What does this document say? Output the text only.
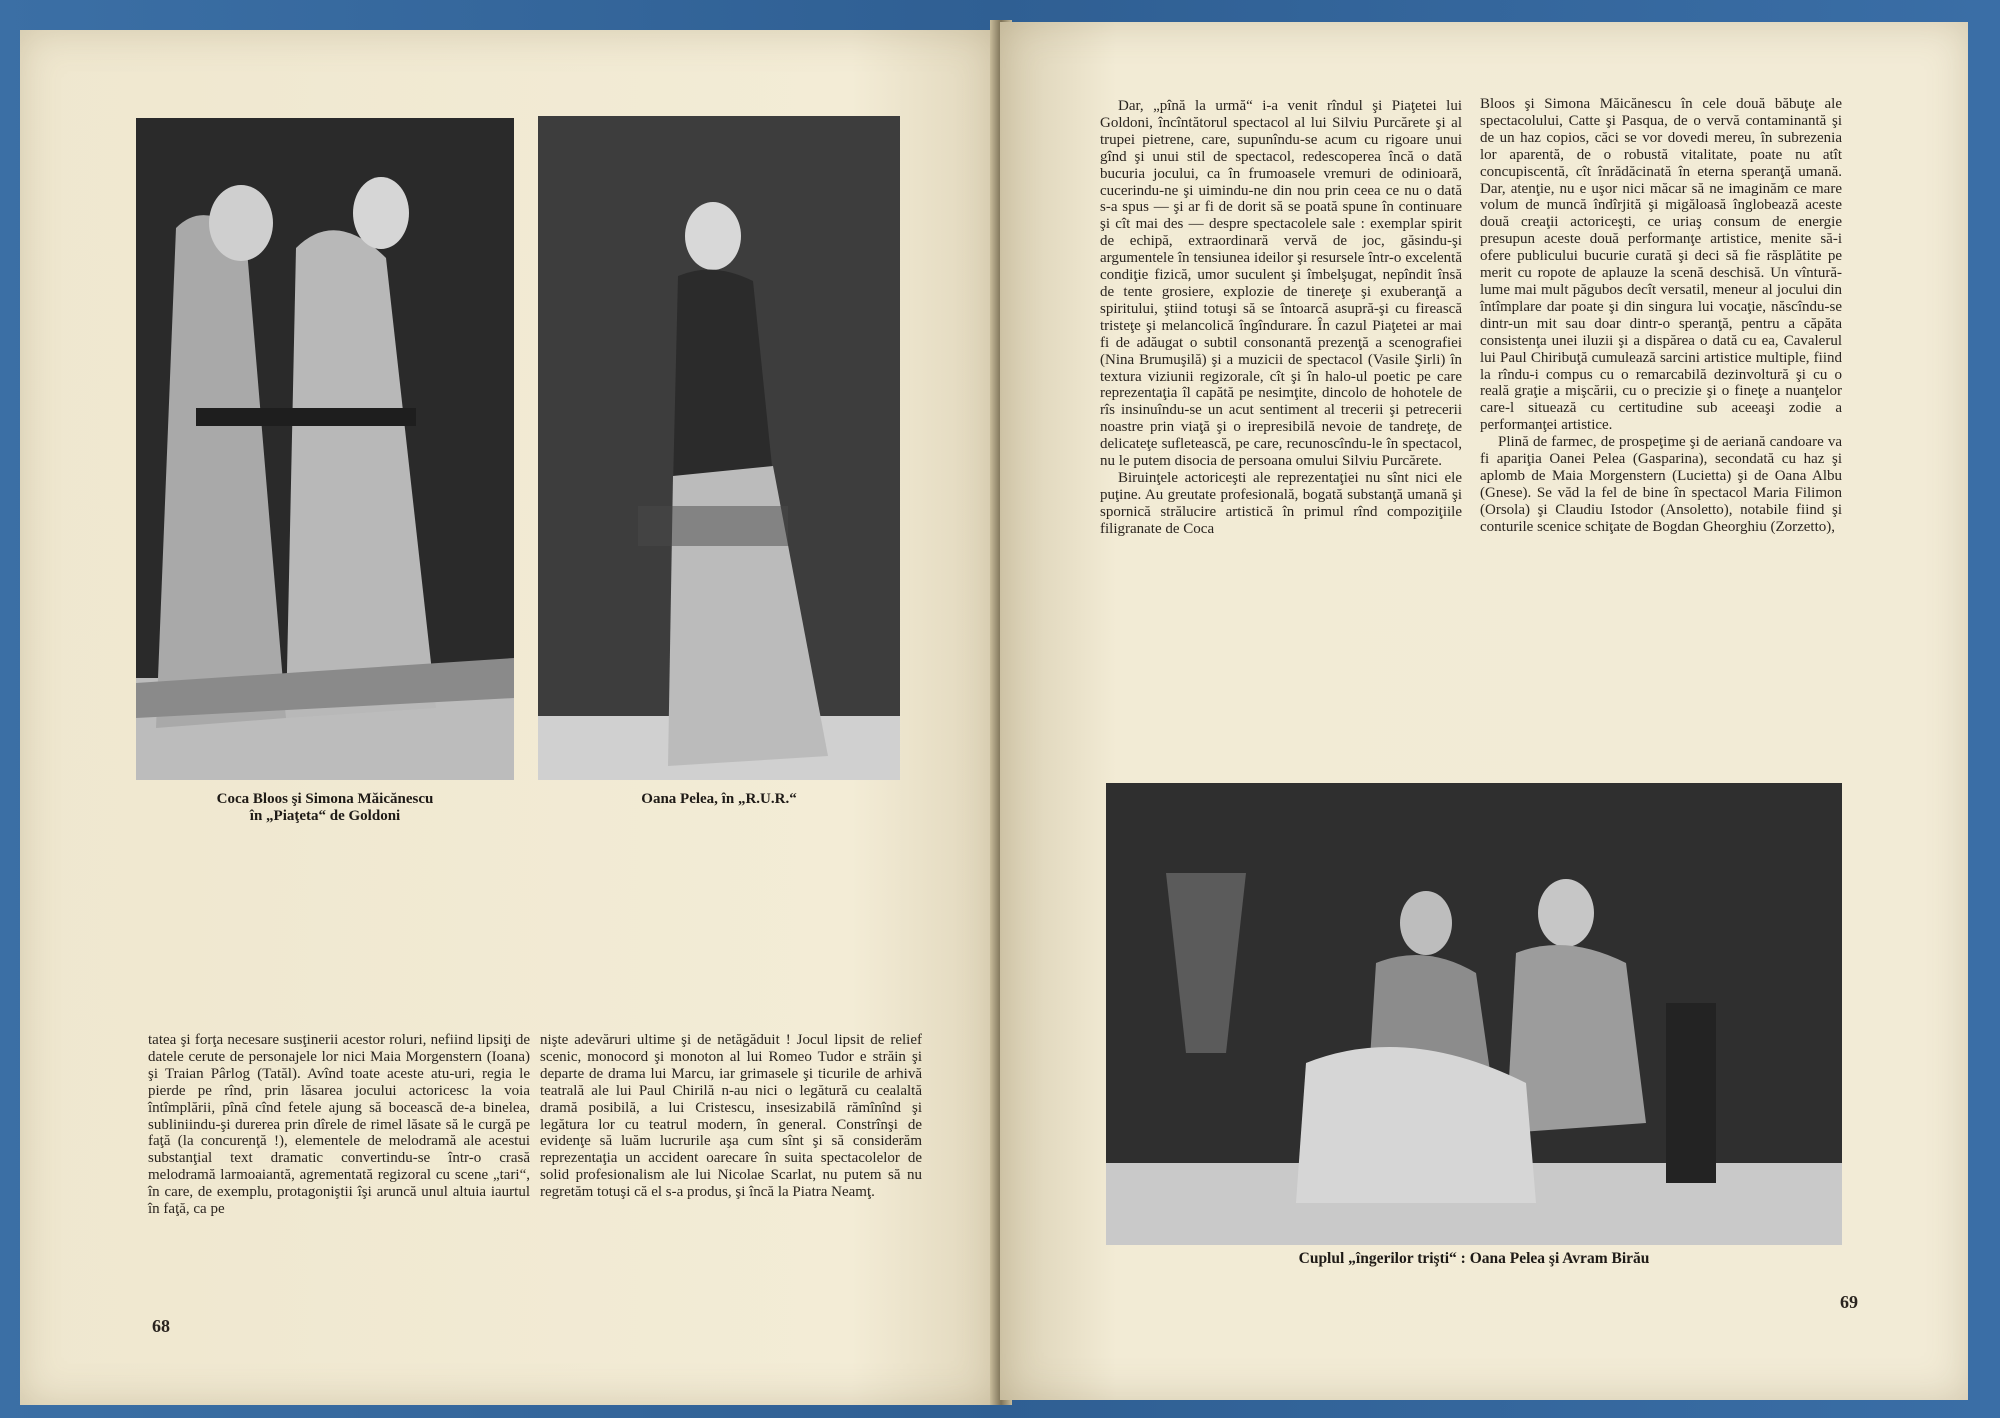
Coca Bloos şi Simona Măicănescu
în „Piaţeta“ de Goldoni
Oana Pelea, în „R.U.R.“

tatea şi forţa necesare susţinerii acestor roluri, nefiind lipsiţi de datele cerute de personajele lor nici Maia Morgenstern (Ioana) şi Traian Pârlog (Tatăl). Avînd toate aceste atu-uri, regia le pierde pe rînd, prin lăsarea jocului actoricesc la voia întîmplării, pînă cînd fetele ajung să bocească de-a binelea, subliniindu-şi durerea prin dîrele de rimel lăsate să le curgă pe faţă (la concurenţă !), elementele de melodramă ale acestui substanţial text dramatic convertindu-se într-o crasă melodramă larmoaiantă, agrementată regizoral cu scene „tari“, în care, de exemplu, protagoniştii îşi aruncă unul altuia iaurtul în faţă, ca pe

nişte adevăruri ultime şi de netăgăduit ! Jocul lipsit de relief scenic, monocord şi monoton al lui Romeo Tudor e străin şi departe de drama lui Marcu, iar grimasele şi ticurile de arhivă teatrală ale lui Paul Chirilă n-au nici o legătură cu cealaltă dramă posibilă, a lui Cristescu, insesizabilă rămînînd şi legătura lor cu teatrul modern, în general. Constrînşi de evidenţe să luăm lucrurile aşa cum sînt şi să considerăm reprezentaţia un accident oarecare în suita spectacolelor de solid profesionalism ale lui Nicolae Scarlat, nu putem să nu regretăm totuşi că el s-a produs, şi încă la Piatra Neamţ.

68

Dar, „pînă la urmă“ i-a venit rîndul şi Piaţetei lui Goldoni, încîntătorul spectacol al lui Silviu Purcărete şi al trupei pietrene, care, supunîndu-se acum cu rigoare unui gînd şi unui stil de spectacol, redescoperea încă o dată bucuria jocului, ca în frumoasele vremuri de odinioară, cucerindu-ne şi uimindu-ne din nou prin ceea ce nu o dată s-a spus — şi ar fi de dorit să se poată spune în continuare şi cît mai des — despre spectacolele sale : exemplar spirit de echipă, extraordinară vervă de joc, găsindu-şi argumentele în tensiunea ideilor şi resursele într-o excelentă condiţie fizică, umor suculent şi îmbelşugat, nepîndit însă de tente grosiere, explozie de tinereţe şi exuberanţă a spiritului, ştiind totuşi să se întoarcă asupră-şi cu firească tristeţe şi melancolică îngîndurare. În cazul Piaţetei ar mai fi de adăugat o subtil consonantă prezenţă a scenografiei (Nina Brumuşilă) şi a muzicii de spectacol (Vasile Şirli) în textura viziunii regizorale, cît şi în halo-ul poetic pe care reprezentaţia îl capătă pe nesimţite, dincolo de hohotele de rîs insinuîndu-se un acut sentiment al trecerii şi petrecerii noastre prin viaţă şi o irepresibilă nevoie de tandreţe, de delicateţe sufletească, pe care, recunoscîndu-le în spectacol, nu le putem disocia de persoana omului Silviu Purcărete.

Biruinţele actoriceşti ale reprezentaţiei nu sînt nici ele puţine. Au greutate profesională, bogată substanţă umană şi spornică strălucire artistică în primul rînd compoziţiile filigranate de Coca

Bloos şi Simona Măicănescu în cele două băbuţe ale spectacolului, Catte şi Pasqua, de o vervă contaminantă şi de un haz copios, căci se vor dovedi mereu, în subrezenia lor aparentă, de o robustă vitalitate, poate nu atît concupiscentă, cît înrădăcinată în eterna speranţă umană. Dar, atenţie, nu e uşor nici măcar să ne imaginăm ce mare volum de muncă îndîrjită şi migăloasă înglobează aceste două creaţii actoriceşti, ce uriaş consum de energie presupun aceste două performanţe artistice, menite să-i ofere publicului bucurie curată şi deci să fie răsplătite pe merit cu ropote de aplauze la scenă deschisă. Un vîntură-lume mai mult păgubos decît versatil, meneur al jocului din întîmplare dar poate şi din singura lui vocaţie, născîndu-se dintr-un mit sau doar dintr-o speranţă, pentru a căpăta consistenţa unei iluzii şi a dispărea o dată cu ea, Cavalerul lui Paul Chiribuţă cumulează sarcini artistice multiple, fiind la rîndu-i compus cu o remarcabilă dezinvoltură şi cu o reală graţie a mişcării, cu o precizie şi o fineţe a nuanţelor care-l situează cu certitudine sub aceeaşi zodie a performanţei artistice.

Plină de farmec, de prospeţime şi de aeriană candoare va fi apariţia Oanei Pelea (Gasparina), secondată cu haz şi aplomb de Maia Morgenstern (Lucietta) şi de Oana Albu (Gnese). Se văd la fel de bine în spectacol Maria Filimon (Orsola) şi Claudiu Istodor (Ansoletto), notabile fiind şi conturile scenice schiţate de Bogdan Gheorghiu (Zorzetto),

Cuplul „îngerilor trişti“ : Oana Pelea şi Avram Birău
69
